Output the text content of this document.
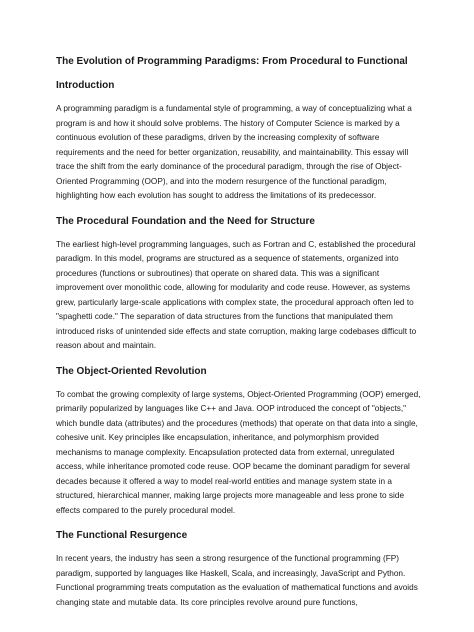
The Evolution of Programming Paradigms: From Procedural to Functional
Introduction

A programming paradigm is a fundamental style of programming, a way of conceptualizing what a program is and how it should solve problems. The history of Computer Science is marked by a continuous evolution of these paradigms, driven by the increasing complexity of software requirements and the need for better organization, reusability, and maintainability. This essay will trace the shift from the early dominance of the procedural paradigm, through the rise of Object-Oriented Programming (OOP), and into the modern resurgence of the functional paradigm, highlighting how each evolution has sought to address the limitations of its predecessor.

The Procedural Foundation and the Need for Structure

The earliest high-level programming languages, such as Fortran and C, established the procedural paradigm. In this model, programs are structured as a sequence of statements, organized into procedures (functions or subroutines) that operate on shared data. This was a significant improvement over monolithic code, allowing for modularity and code reuse. However, as systems grew, particularly large-scale applications with complex state, the procedural approach often led to "spaghetti code." The separation of data structures from the functions that manipulated them introduced risks of unintended side effects and state corruption, making large codebases difficult to reason about and maintain.

The Object-Oriented Revolution

To combat the growing complexity of large systems, Object-Oriented Programming (OOP) emerged, primarily popularized by languages like C++ and Java. OOP introduced the concept of "objects," which bundle data (attributes) and the procedures (methods) that operate on that data into a single, cohesive unit. Key principles like encapsulation, inheritance, and polymorphism provided mechanisms to manage complexity. Encapsulation protected data from external, unregulated access, while inheritance promoted code reuse. OOP became the dominant paradigm for several decades because it offered a way to model real-world entities and manage system state in a structured, hierarchical manner, making large projects more manageable and less prone to side effects compared to the purely procedural model.

The Functional Resurgence

In recent years, the industry has seen a strong resurgence of the functional programming (FP) paradigm, supported by languages like Haskell, Scala, and increasingly, JavaScript and Python. Functional programming treats computation as the evaluation of mathematical functions and avoids changing state and mutable data. Its core principles revolve around pure functions,
